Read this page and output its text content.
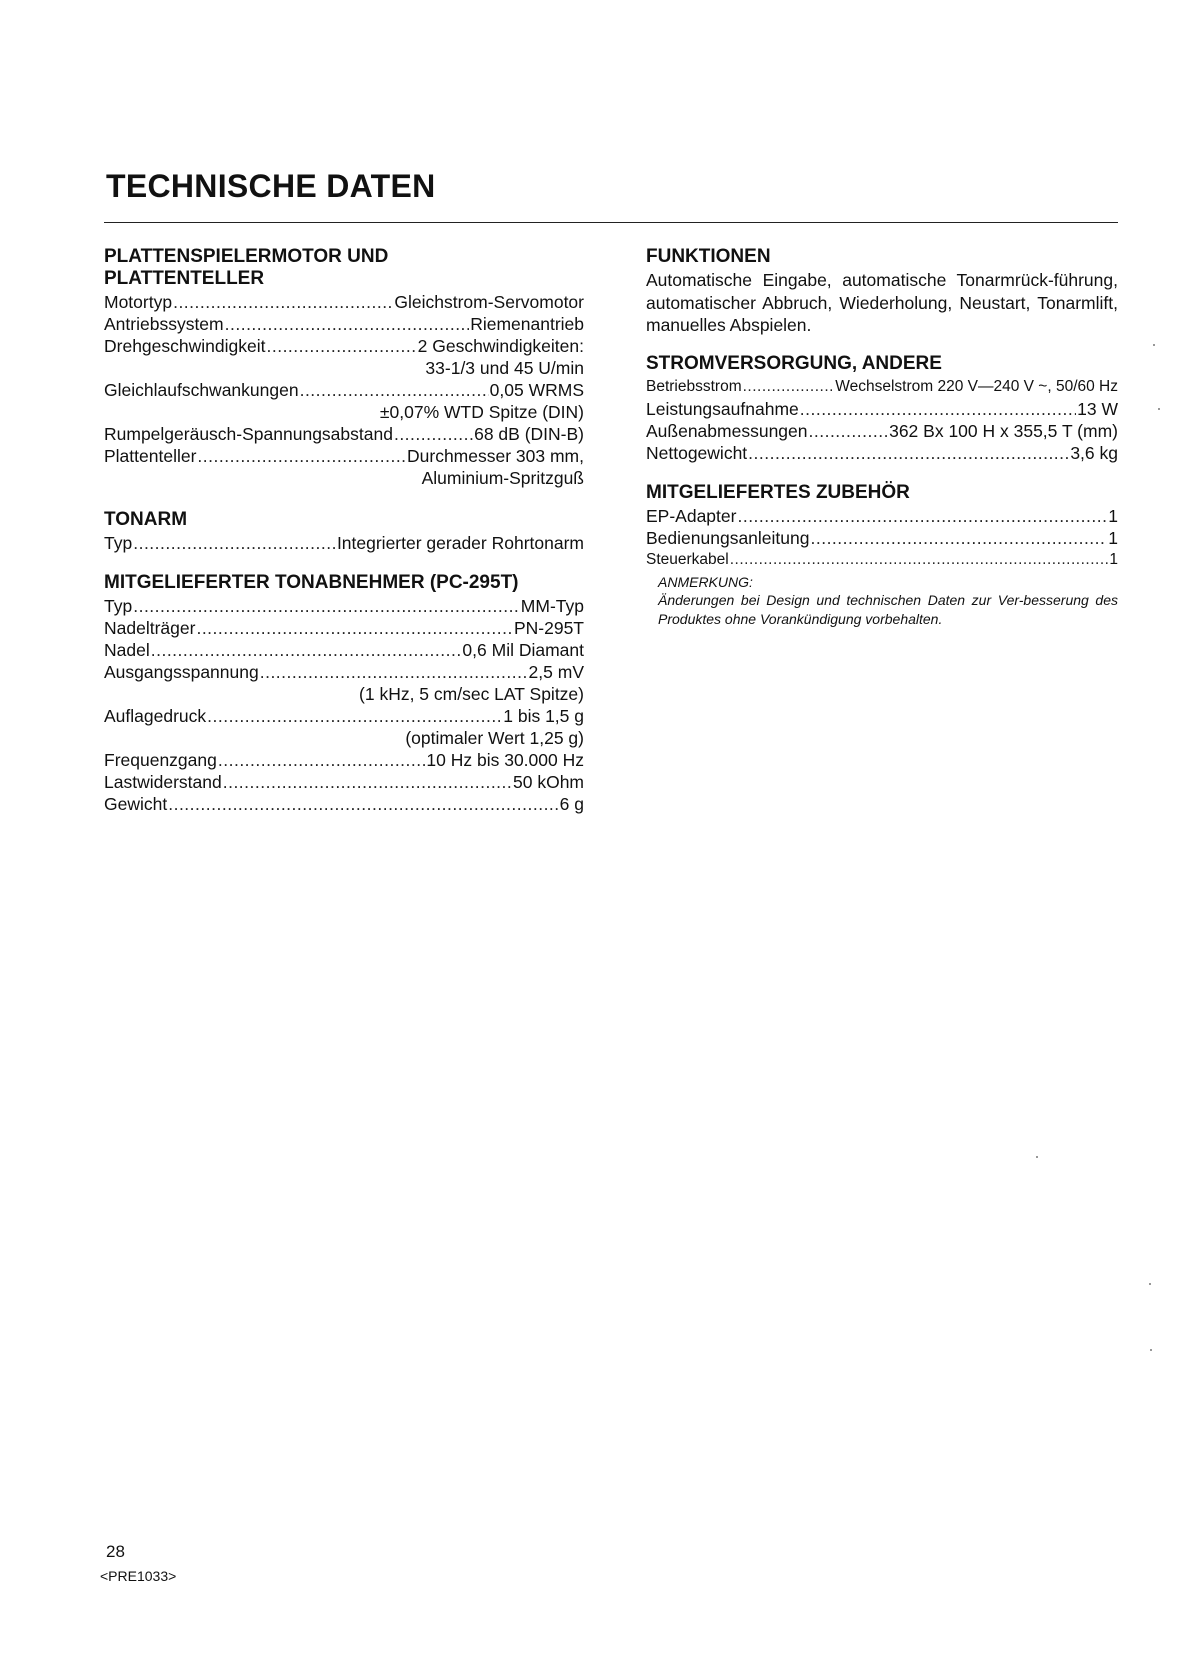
TECHNISCHE DATEN
PLATTENSPIELERMOTOR UND
PLATTENTELLER
Motortyp .....	Gleichstrom-Servomotor
Antriebssystem .....	Riemenantrieb
Drehgeschwindigkeit .....	2 Geschwindigkeiten:
33-1/3 und 45 U/min
Gleichlaufschwankungen .....	0,05 WRMS
±0,07% WTD Spitze (DIN)
Rumpelgeräusch-Spannungsabstand .....	68 dB (DIN-B)
Plattenteller .....	Durchmesser 303 mm,
Aluminium-Spritzguß
TONARM
Typ .....	Integrierter gerader Rohrtonarm
MITGELIEFERTER TONABNEHMER (PC-295T)
Typ .....	MM-Typ
Nadelträger .....	PN-295T
Nadel .....	0,6 Mil Diamant
Ausgangsspannung .....	2,5 mV
(1 kHz, 5 cm/sec LAT Spitze)
Auflagedruck .....	1 bis 1,5 g
(optimaler Wert 1,25 g)
Frequenzgang .....	10 Hz bis 30.000 Hz
Lastwiderstand .....	50 kOhm
Gewicht .....	6 g
FUNKTIONEN

Automatische Eingabe, automatische Tonarmrück-führung, automatischer Abbruch, Wiederholung, Neustart, Tonarmlift, manuelles Abspielen.

STROMVERSORGUNG, ANDERE
Betriebsstrom .....	Wechselstrom 220 V—240 V ~, 50/60 Hz
Leistungsaufnahme .....	13 W
Außenabmessungen .....	362 Bx 100 H x 355,5 T (mm)
Nettogewicht .....	3,6 kg
MITGELIEFERTES ZUBEHÖR
EP-Adapter .....	1
Bedienungsanleitung .....	1
Steuerkabel .....	1
ANMERKUNG:
Änderungen bei Design und technischen Daten zur Ver-besserung des Produktes ohne Vorankündigung vorbehalten.
28
<PRE1033>
